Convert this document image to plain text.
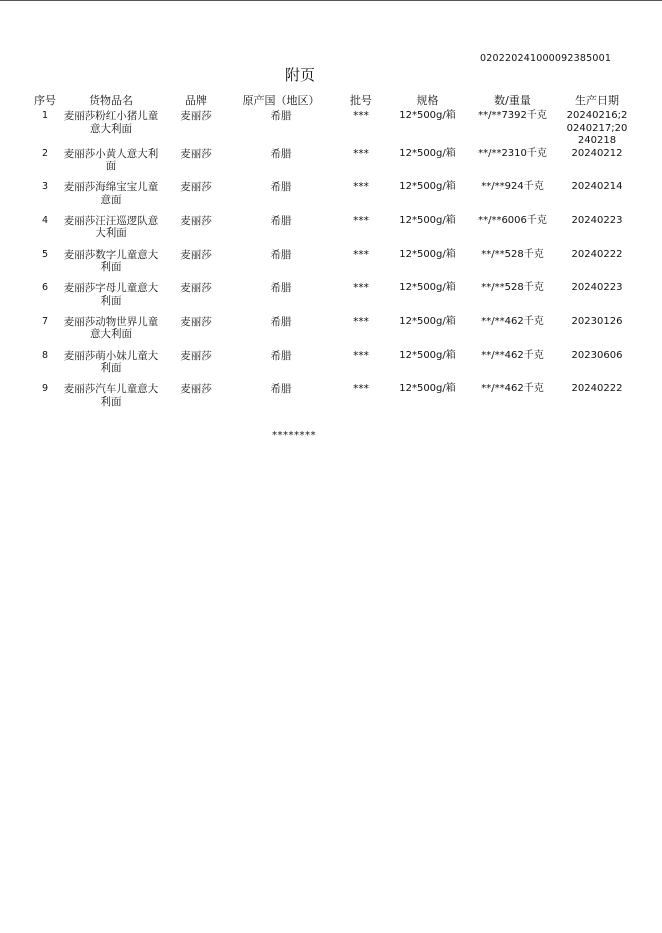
020220241000092385001
附页
序号	货物品名	品牌	原产国（地区）	批号	规格	数/重量	生产日期
1	麦丽莎粉红小猪儿童意大利面	麦丽莎	希腊	***	12*500g/箱	**/**7392千克	20240216;20240217;20240218
2	麦丽莎小黄人意大利面	麦丽莎	希腊	***	12*500g/箱	**/**2310千克	20240212
3	麦丽莎海绵宝宝儿童意面	麦丽莎	希腊	***	12*500g/箱	**/**924千克	20240214
4	麦丽莎汪汪巡逻队意大利面	麦丽莎	希腊	***	12*500g/箱	**/**6006千克	20240223
5	麦丽莎数字儿童意大利面	麦丽莎	希腊	***	12*500g/箱	**/**528千克	20240222
6	麦丽莎字母儿童意大利面	麦丽莎	希腊	***	12*500g/箱	**/**528千克	20240223
7	麦丽莎动物世界儿童意大利面	麦丽莎	希腊	***	12*500g/箱	**/**462千克	20230126
8	麦丽莎萌小妹儿童大利面	麦丽莎	希腊	***	12*500g/箱	**/**462千克	20230606
9	麦丽莎汽车儿童意大利面	麦丽莎	希腊	***	12*500g/箱	**/**462千克	20240222
********
